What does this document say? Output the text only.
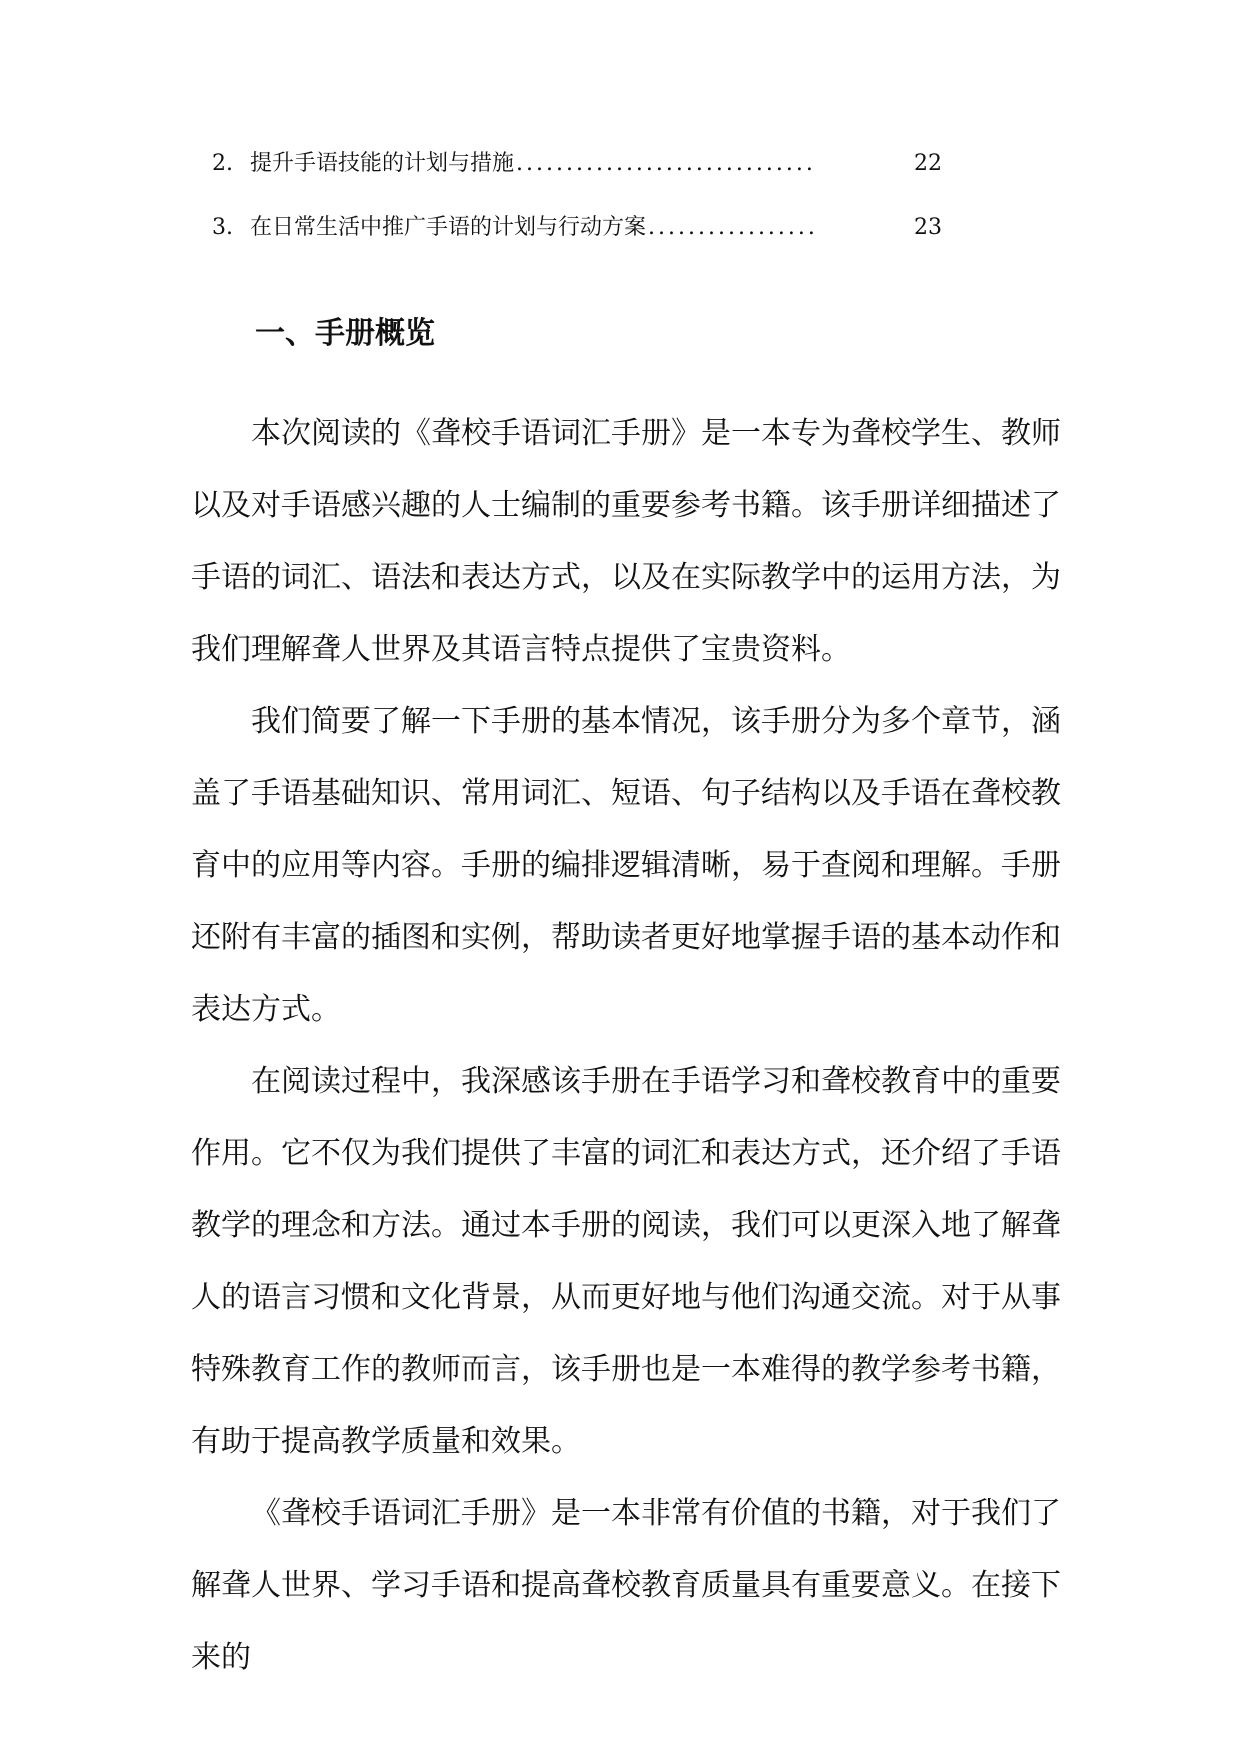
2. 提升手语技能的计划与措施 ..............................	22
3. 在日常生活中推广手语的计划与行动方案 .................	23
一、手册概览

本次阅读的《聋校手语词汇手册》是一本专为聋校学生、教师以及对手语感兴趣的人士编制的重要参考书籍。该手册详细描述了手语的词汇、语法和表达方式，以及在实际教学中的运用方法，为我们理解聋人世界及其语言特点提供了宝贵资料。

我们简要了解一下手册的基本情况，该手册分为多个章节，涵盖了手语基础知识、常用词汇、短语、句子结构以及手语在聋校教育中的应用等内容。手册的编排逻辑清晰，易于查阅和理解。手册还附有丰富的插图和实例，帮助读者更好地掌握手语的基本动作和表达方式。

在阅读过程中，我深感该手册在手语学习和聋校教育中的重要作用。它不仅为我们提供了丰富的词汇和表达方式，还介绍了手语教学的理念和方法。通过本手册的阅读，我们可以更深入地了解聋人的语言习惯和文化背景，从而更好地与他们沟通交流。对于从事特殊教育工作的教师而言，该手册也是一本难得的教学参考书籍，有助于提高教学质量和效果。

《聋校手语词汇手册》是一本非常有价值的书籍，对于我们了解聋人世界、学习手语和提高聋校教育质量具有重要意义。在接下来的
